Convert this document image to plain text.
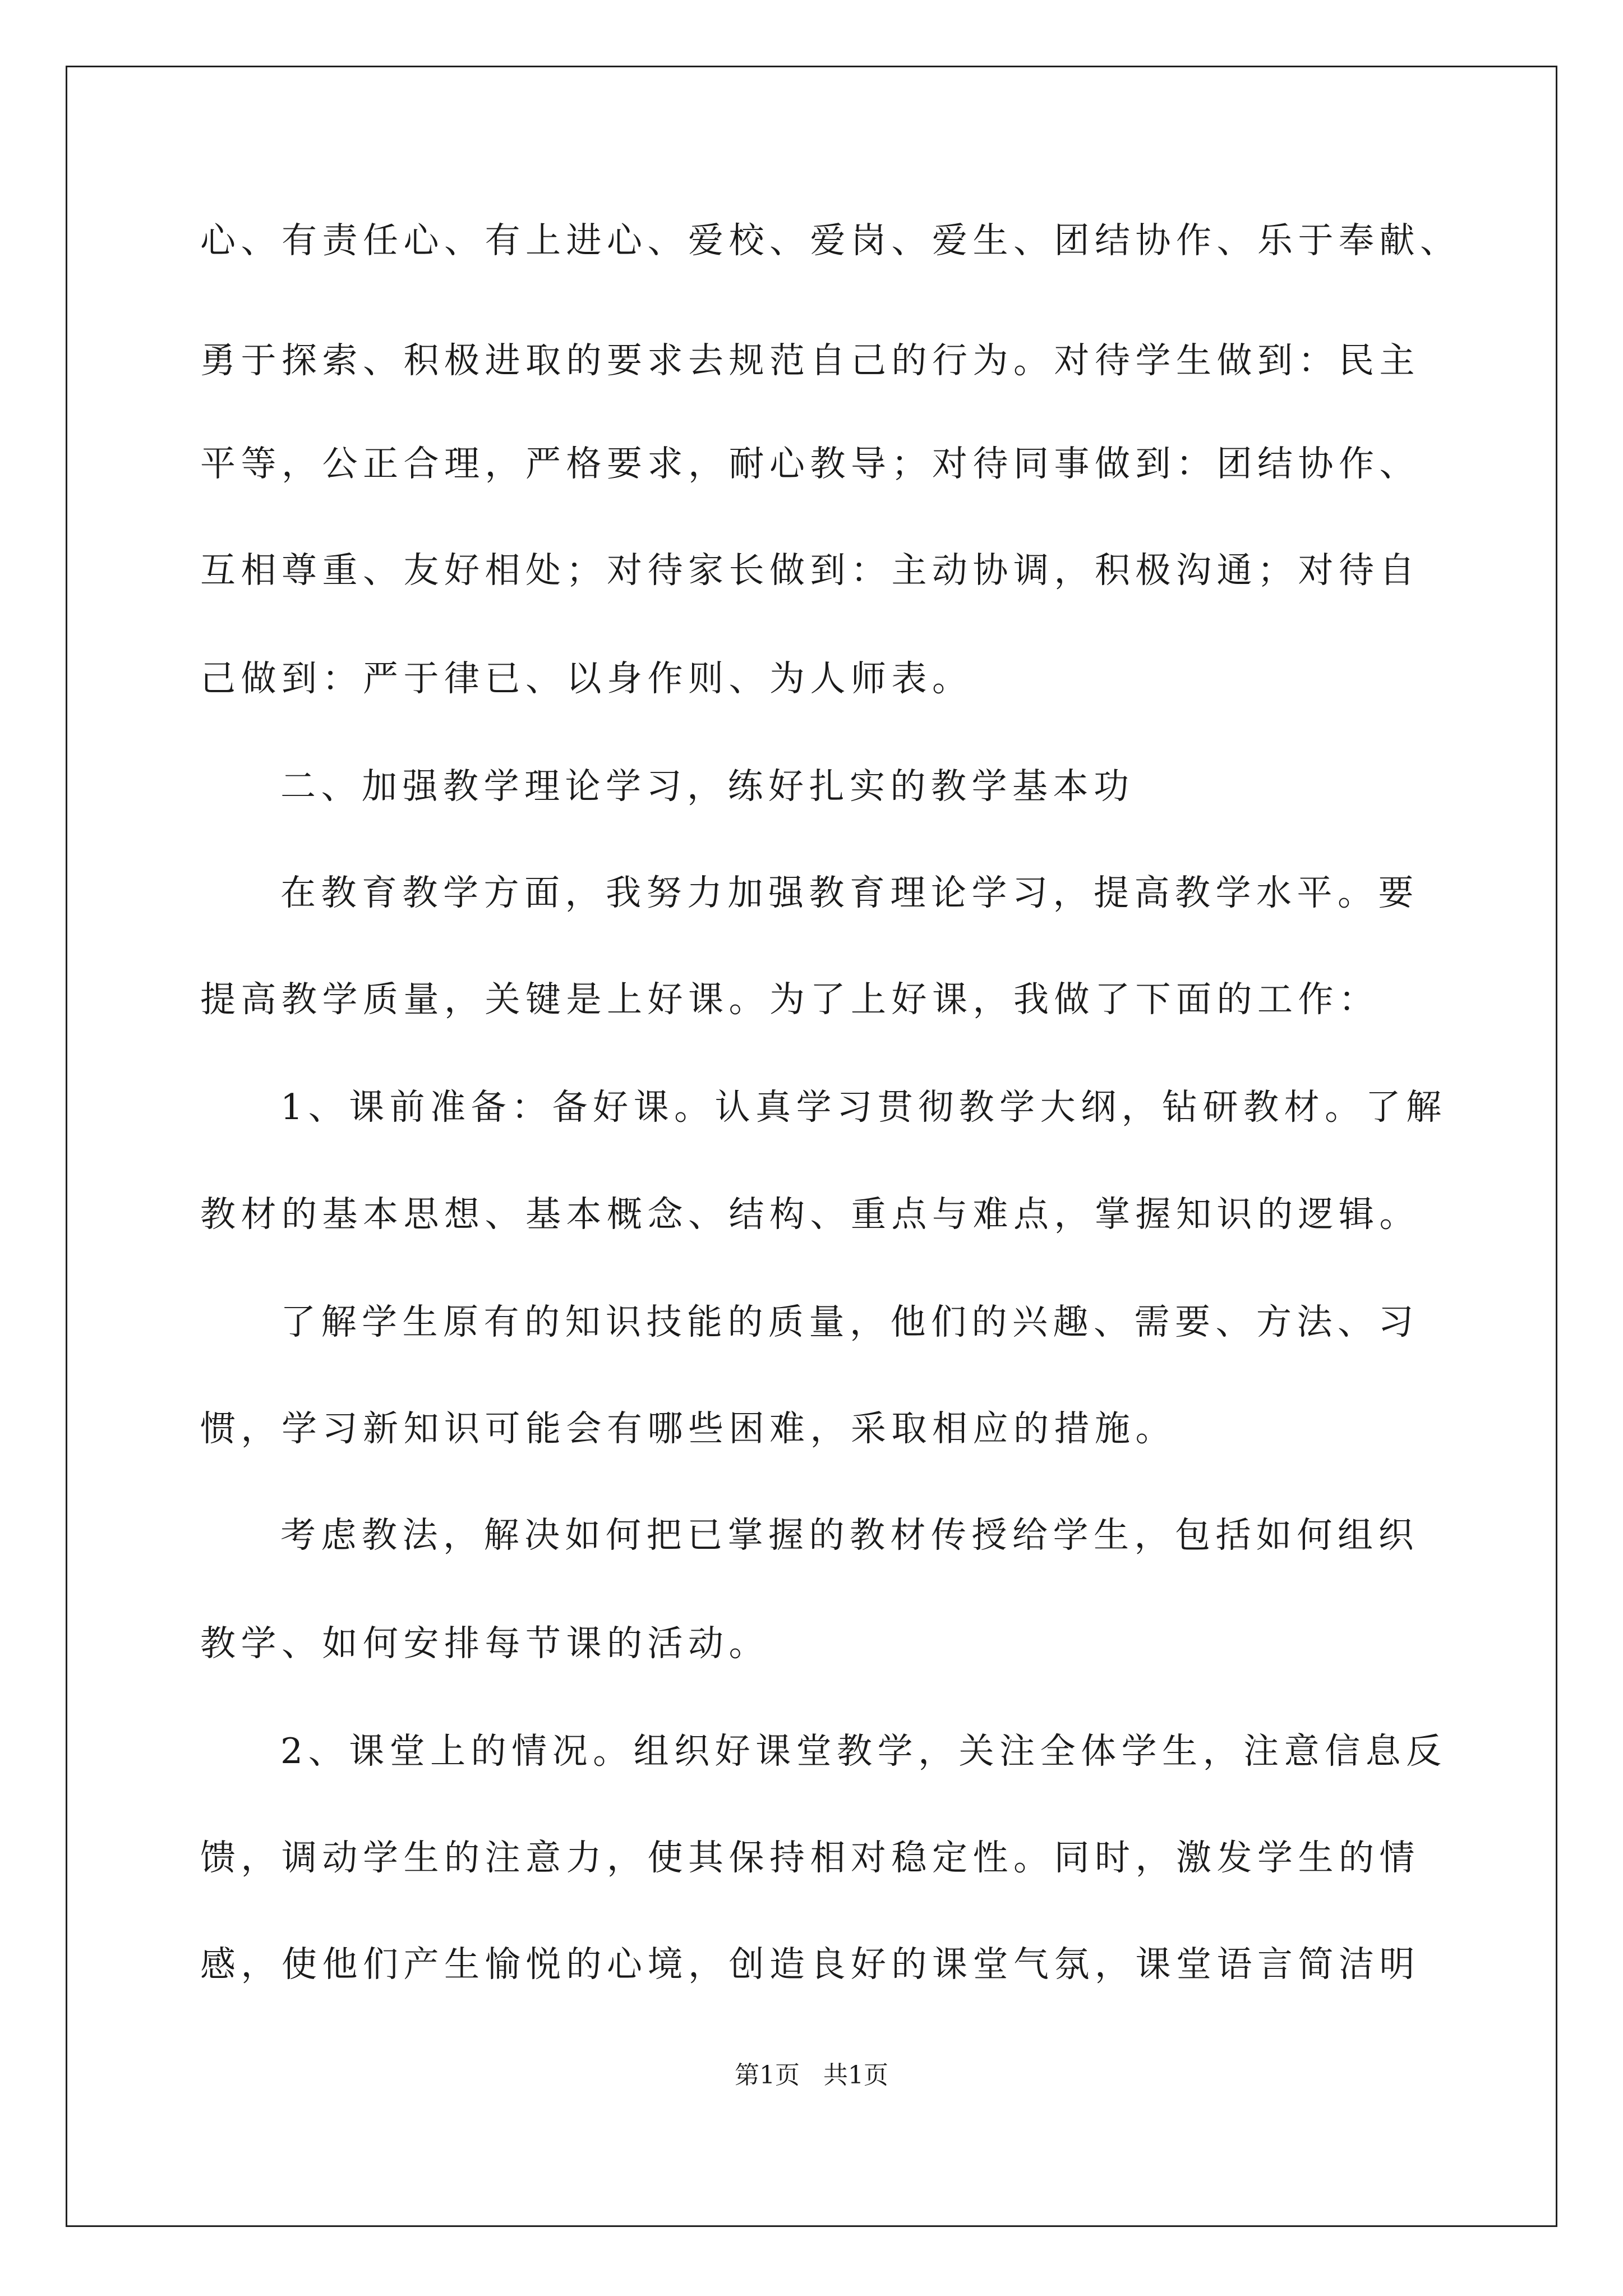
心、有责任心、有上进心、爱校、爱岗、爱生、团结协作、乐于奉献、
勇于探索、积极进取的要求去规范自己的行为。对待学生做到：民主
平等，公正合理，严格要求，耐心教导；对待同事做到：团结协作、
互相尊重、友好相处；对待家长做到：主动协调，积极沟通；对待自
己做到：严于律已、以身作则、为人师表。
二、加强教学理论学习，练好扎实的教学基本功
在教育教学方面，我努力加强教育理论学习，提高教学水平。要
提高教学质量，关键是上好课。为了上好课，我做了下面的工作：
1、课前准备：备好课。认真学习贯彻教学大纲，钻研教材。了解
教材的基本思想、基本概念、结构、重点与难点，掌握知识的逻辑。
了解学生原有的知识技能的质量，他们的兴趣、需要、方法、习
惯，学习新知识可能会有哪些困难，采取相应的措施。
考虑教法，解决如何把已掌握的教材传授给学生，包括如何组织
教学、如何安排每节课的活动。
2、课堂上的情况。组织好课堂教学，关注全体学生，注意信息反
馈，调动学生的注意力，使其保持相对稳定性。同时，激发学生的情
感，使他们产生愉悦的心境，创造良好的课堂气氛，课堂语言简洁明
第1页 共1页
